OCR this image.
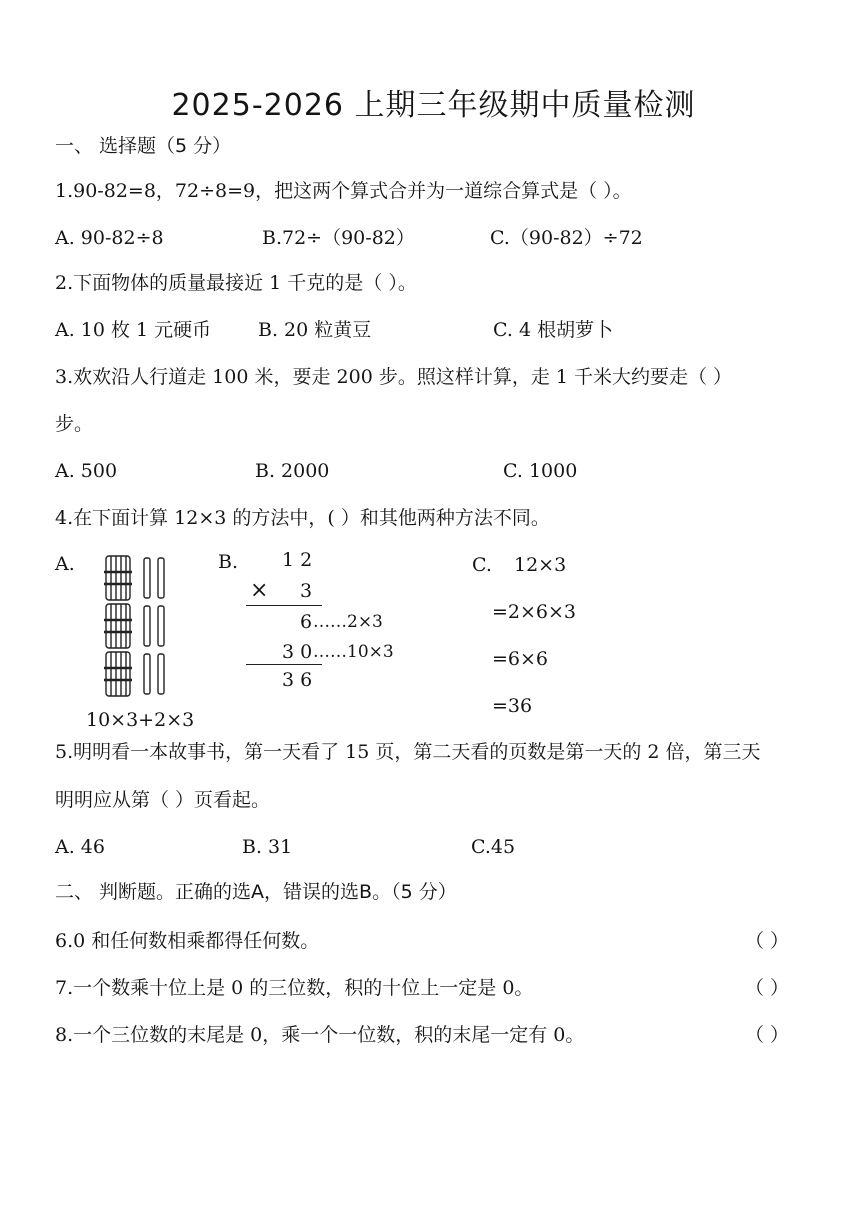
2025-2026 上期三年级期中质量检测
一、 选择题（5 分）
1.90-82=8，72÷8=9，把这两个算式合并为一道综合算式是（ ）。
A. 90-82÷8	B.72÷（90-82）	C.（90-82）÷72
2.下面物体的质量最接近 1 千克的是（ ）。
A. 10 枚 1 元硬币 B. 20 粒黄豆	C. 4 根胡萝卜
3.欢欢沿人行道走 100 米，要走 200 步。照这样计算，走 1 千米大约要走（ ）
步。
A. 500	B. 2000	C. 1000
4.在下面计算 12×3 的方法中，( ）和其他两种方法不同。
A.
10×3+2×3
B. 1 2
× 3
6 ……2×3
3 0 ……10×3
3 6
C. 12×3
=2×6×3
=6×6
=36
5.明明看一本故事书，第一天看了 15 页，第二天看的页数是第一天的 2 倍，第三天
明明应从第（ ）页看起。
A. 46	B. 31	C.45
二、 判断题。正确的选A，错误的选B。（5 分）
6.0 和任何数相乘都得任何数。	（ ）
7.一个数乘十位上是 0 的三位数，积的十位上一定是 0。	（ ）
8.一个三位数的末尾是 0，乘一个一位数，积的末尾一定有 0。	（ ）
